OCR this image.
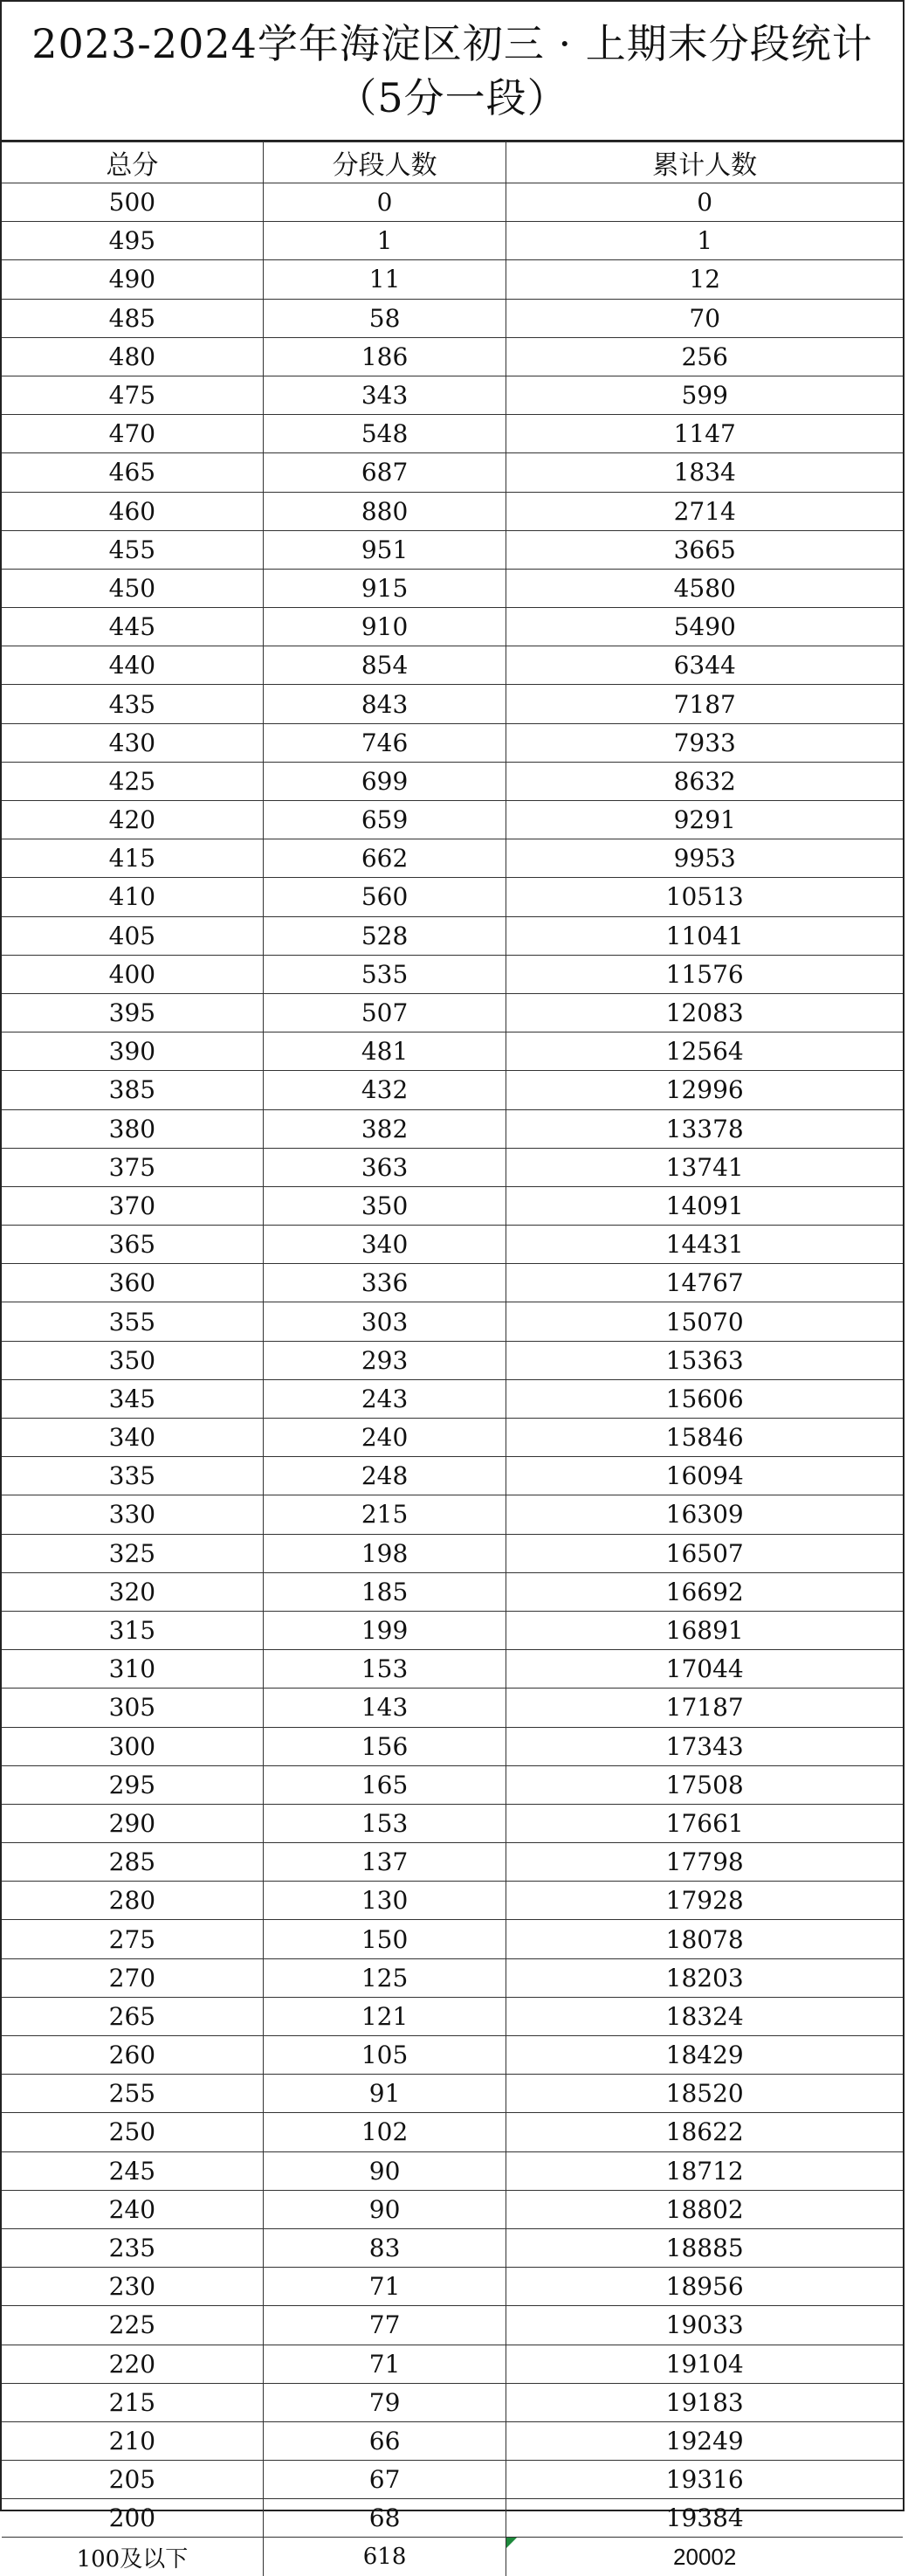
2023-2024学年海淀区初三 · 上期末分段统计
（5分一段）
总分	分段人数	累计人数
500	0	0
495	1	1
490	11	12
485	58	70
480	186	256
475	343	599
470	548	1147
465	687	1834
460	880	2714
455	951	3665
450	915	4580
445	910	5490
440	854	6344
435	843	7187
430	746	7933
425	699	8632
420	659	9291
415	662	9953
410	560	10513
405	528	11041
400	535	11576
395	507	12083
390	481	12564
385	432	12996
380	382	13378
375	363	13741
370	350	14091
365	340	14431
360	336	14767
355	303	15070
350	293	15363
345	243	15606
340	240	15846
335	248	16094
330	215	16309
325	198	16507
320	185	16692
315	199	16891
310	153	17044
305	143	17187
300	156	17343
295	165	17508
290	153	17661
285	137	17798
280	130	17928
275	150	18078
270	125	18203
265	121	18324
260	105	18429
255	91	18520
250	102	18622
245	90	18712
240	90	18802
235	83	18885
230	71	18956
225	77	19033
220	71	19104
215	79	19183
210	66	19249
205	67	19316
200	68	19384
100及以下	618	20002
